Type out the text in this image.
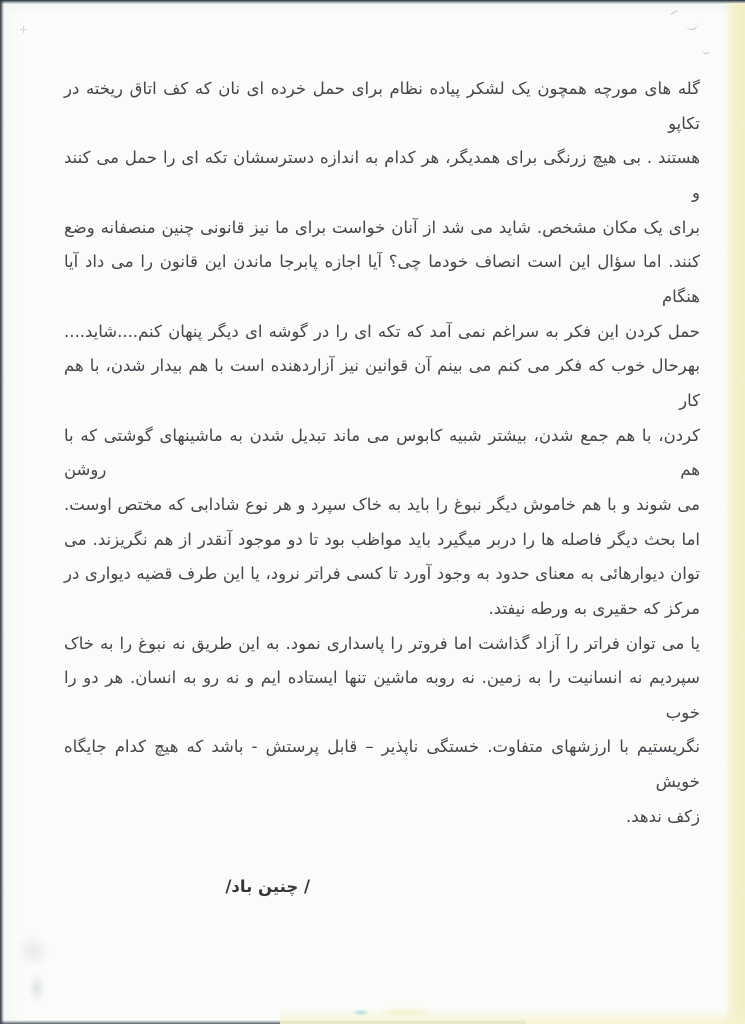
گله های مورچه همچون یک لشکر پیاده نظام برای حمل خرده ای نان که کف اتاق ریخته در تکاپو
هستند . بی هیچ زرنگی برای همدیگر، هر کدام به اندازه دسترسشان تکه ای را حمل می کنند و
برای یک مکان مشخص. شاید می شد از آنان خواست برای ما نیز قانونی چنین منصفانه وضع
کنند. اما سؤال این است انصاف خودما چی؟ آیا اجازه پابرجا ماندن این قانون را می داد آیا هنگام
حمل کردن این فکر به سراغم نمی آمد که تکه ای را در گوشه ای دیگر پنهان کنم....شاید....
بهرحال خوب که فکر می کنم می بینم آن قوانین نیز آزاردهنده است با هم بیدار شدن، با هم کار
کردن، با هم جمع شدن، بیشتر شبیه کابوس می ماند تبدیل شدن به ماشینهای گوشتی که با هم روشن
می شوند و با هم خاموش دیگر نبوغ را باید به خاک سپرد و هر نوع شادابی که مختص اوست.
اما بحث دیگر فاصله ها را دربر میگیرد باید مواظب بود تا دو موجود آنقدر از هم نگریزند. می
توان دیوارهائی به معنای حدود به وجود آورد تا کسی فراتر نرود، یا این طرف قضیه دیواری در
مرکز که حقیری به ورطه نیفتد.
یا می توان فراتر را آزاد گذاشت اما فروتر را پاسداری نمود. به این طریق نه نبوغ را به خاک
سپردیم نه انسانیت را به زمین. نه روبه ماشین تنها ایستاده ایم و نه رو به انسان. هر دو را خوب
نگریستیم با ارزشهای متفاوت. خستگی ناپذیر – قابل پرستش - باشد که هیچ کدام جایگاه خویش
زکف ندهد.
/ چنین باد/
